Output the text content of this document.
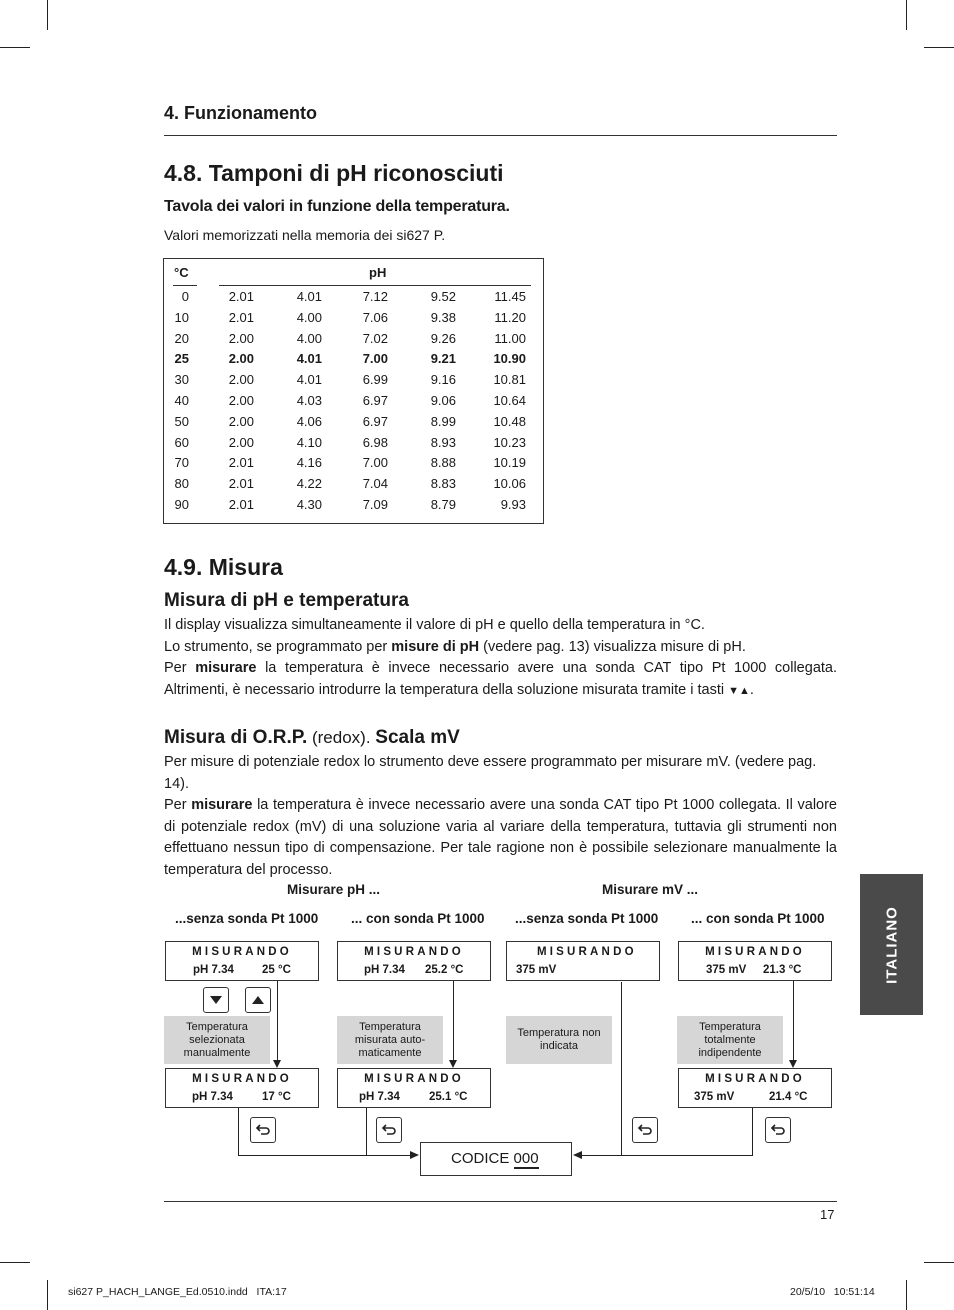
4. Funzionamento
4.8. Tamponi di pH riconosciuti
Tavola dei valori in funzione della temperatura.
Valori memorizzati nella memoria dei si627 P.
°C	pH
0	2.01	4.01	7.12	9.52	11.45
10	2.01	4.00	7.06	9.38	11.20
20	2.00	4.00	7.02	9.26	11.00
25	2.00	4.01	7.00	9.21	10.90
30	2.00	4.01	6.99	9.16	10.81
40	2.00	4.03	6.97	9.06	10.64
50	2.00	4.06	6.97	8.99	10.48
60	2.00	4.10	6.98	8.93	10.23
70	2.01	4.16	7.00	8.88	10.19
80	2.01	4.22	7.04	8.83	10.06
90	2.01	4.30	7.09	8.79	9.93
4.9. Misura
Misura di pH e temperatura
Il display visualizza simultaneamente il valore di pH e quello della temperatura in °C.
Lo strumento, se programmato per misure di pH (vedere pag. 13) visualizza misure di pH.
Per misurare la temperatura è invece necessario avere una sonda CAT tipo Pt 1000 collegata. Altrimenti, è necessario introdurre la temperatura della soluzione misurata tramite i tasti ▼▲.
Misura di O.R.P. (redox). Scala mV
Per misure di potenziale redox lo strumento deve essere programmato per misurare mV. (vedere pag. 14).
Per misurare la temperatura è invece necessario avere una sonda CAT tipo Pt 1000 collegata. Il valore di potenziale redox (mV) di una soluzione varia al variare della temperatura, tuttavia gli strumenti non effettuano nessun tipo di compensazione. Per tale ragione non è possibile selezionare manualmente la temperatura del processo.
Misurare pH ...	Misurare mV ...
...senza sonda Pt 1000 ... con sonda Pt 1000 ...senza sonda Pt 1000 ... con sonda Pt 1000
MISURANDO
pH 7.34 25 °C
MISURANDO
pH 7.34 25.2 °C
MISURANDO
375 mV
MISURANDO
375 mV 21.3 °C
Temperatura selezionata manualmente
Temperatura misurata auto-maticamente
Temperatura non indicata
Temperatura totalmente indipendente
MISURANDO
pH 7.34	17 °C
MISURANDO
pH 7.34	25.1 °C
MISURANDO
375 mV	21.4 °C
CODICE 000
ITALIANO
17
si627 P_HACH_LANGE_Ed.0510.indd   ITA:17	20/5/10   10:51:14
